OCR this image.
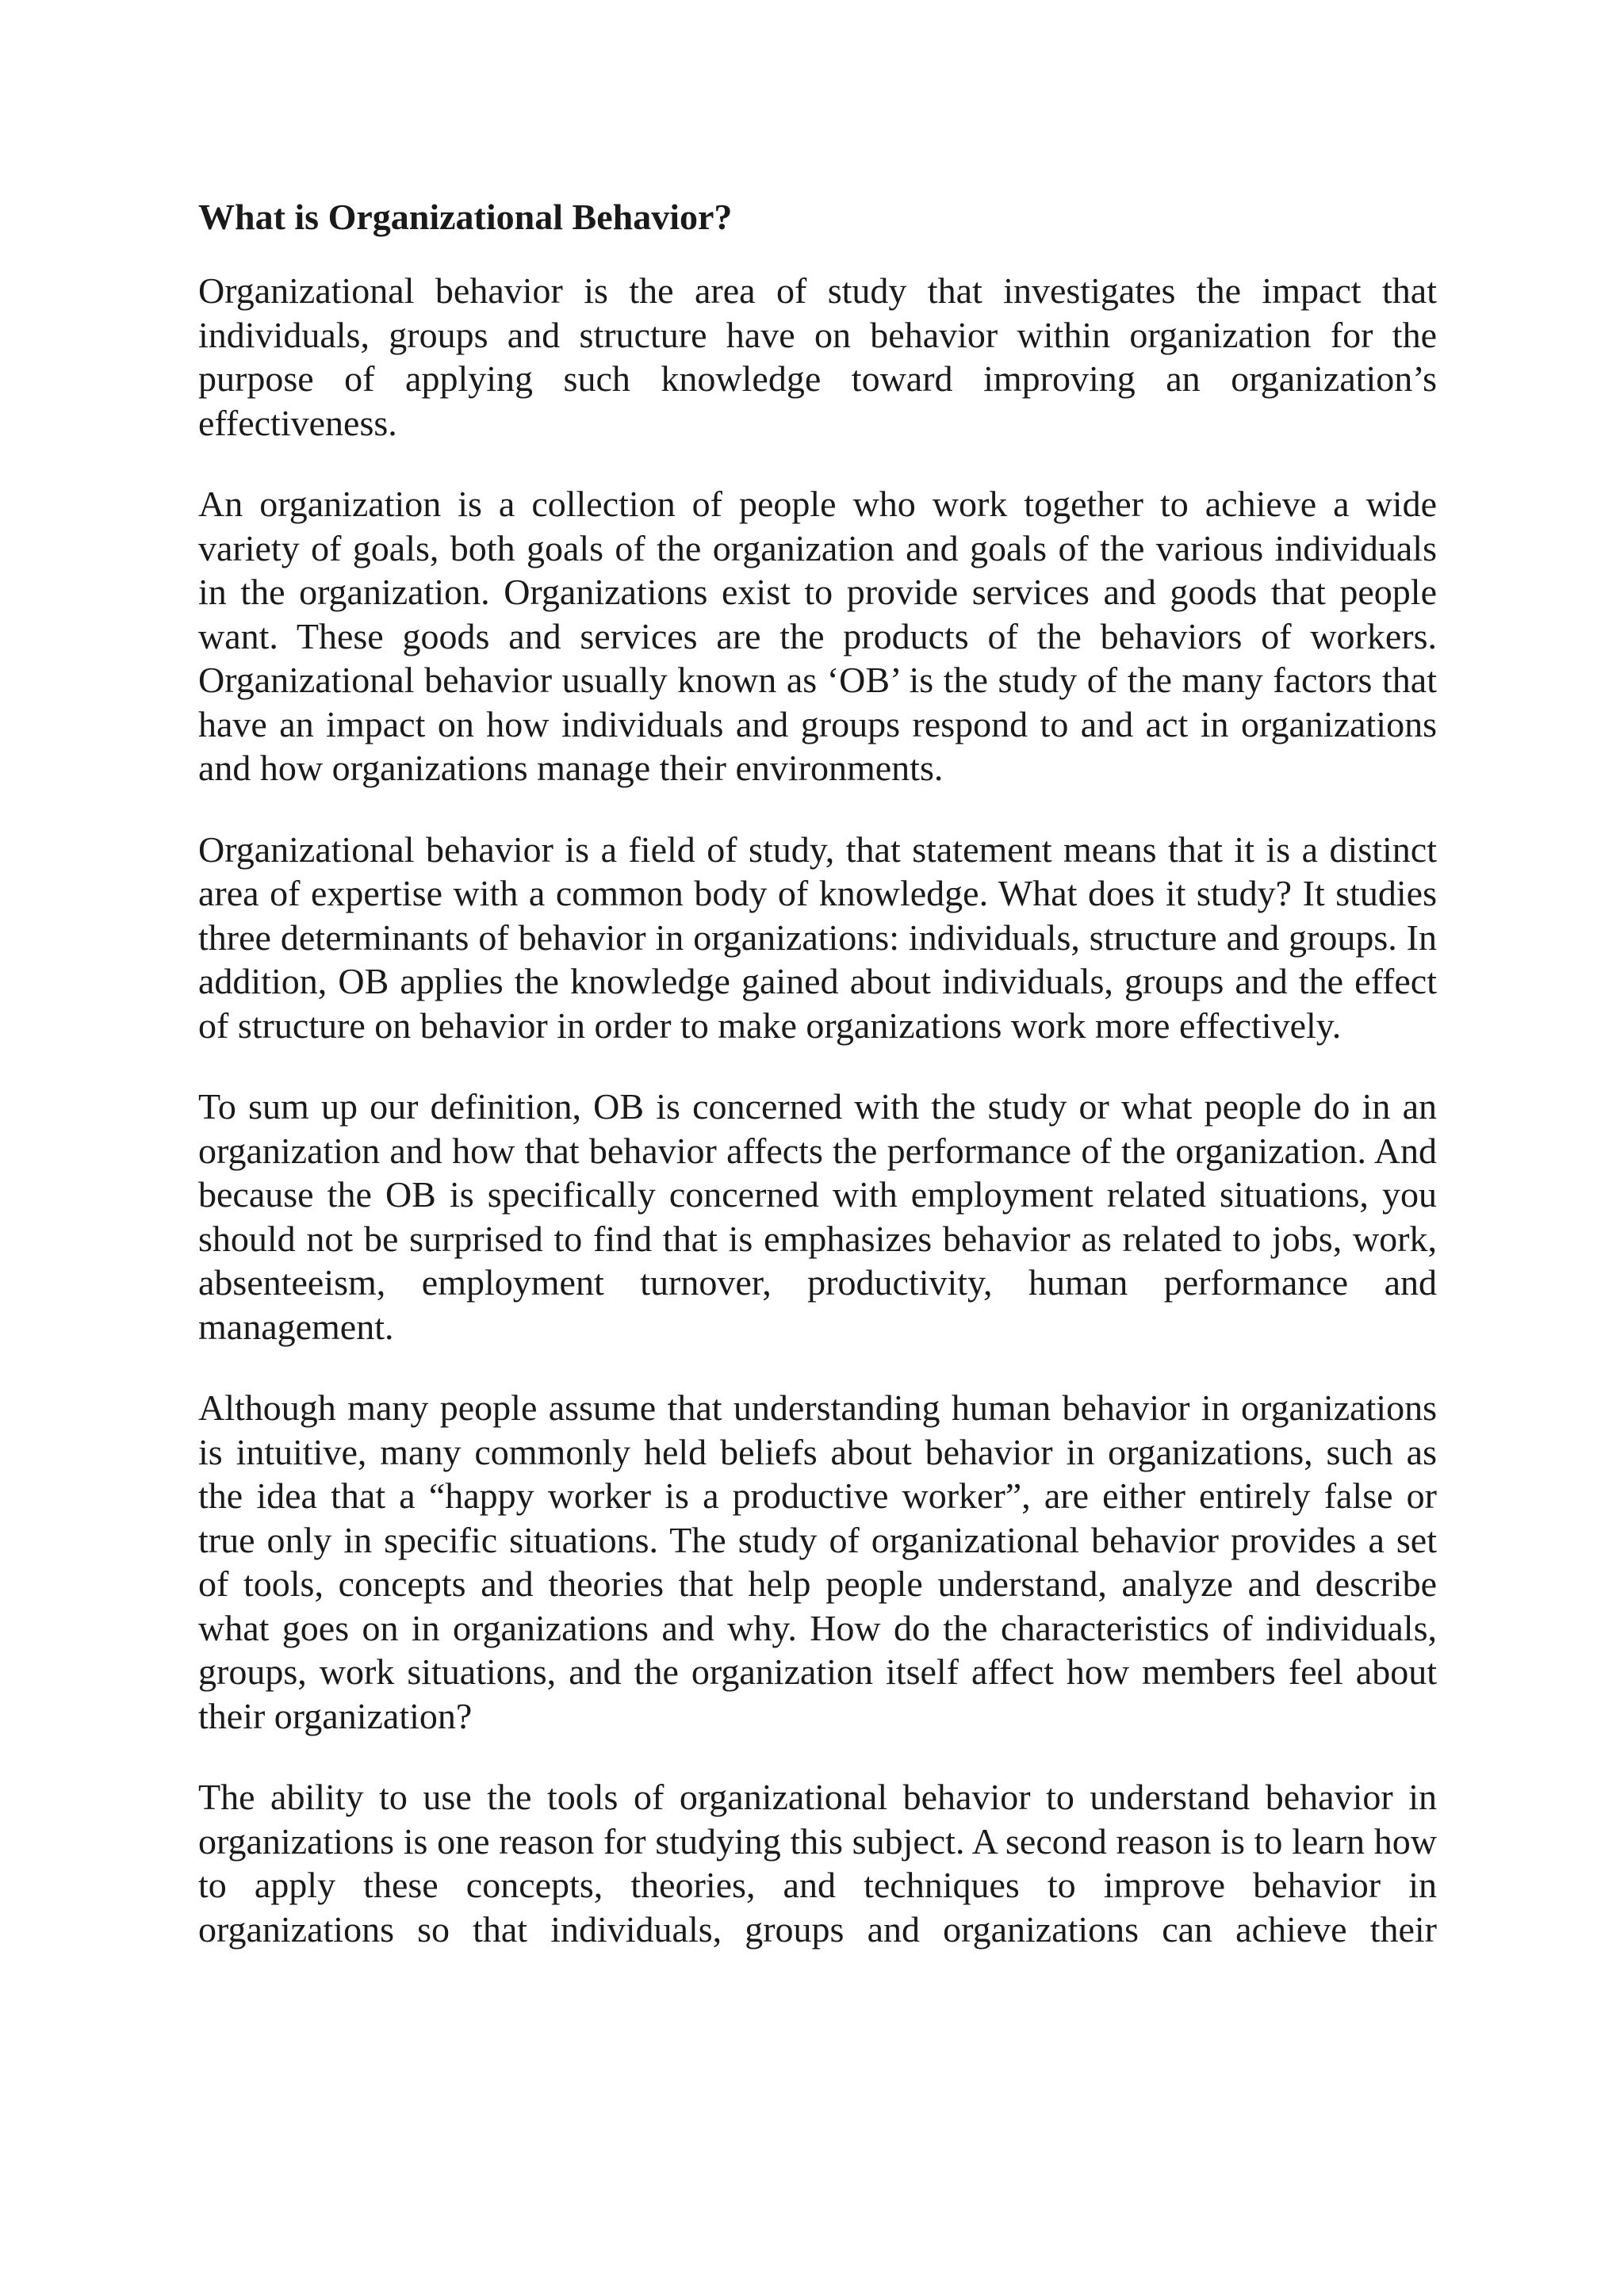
What is Organizational Behavior?

Organizational behavior is the area of study that investigates the impact that individuals, groups and structure have on behavior within organization for the purpose of applying such knowledge toward improving an organization’s effectiveness.

An organization is a collection of people who work together to achieve a wide variety of goals, both goals of the organization and goals of the various individuals in the organization. Organizations exist to provide services and goods that people want. These goods and services are the products of the behaviors of workers. Organizational behavior usually known as ‘OB’ is the study of the many factors that have an impact on how individuals and groups respond to and act in organizations and how organizations manage their environments.

Organizational behavior is a field of study, that statement means that it is a distinct area of expertise with a common body of knowledge. What does it study? It studies three determinants of behavior in organizations: individuals, structure and groups. In addition, OB applies the knowledge gained about individuals, groups and the effect of structure on behavior in order to make organizations work more effectively.

To sum up our definition, OB is concerned with the study or what people do in an organization and how that behavior affects the performance of the organization. And because the OB is specifically concerned with employment related situations, you should not be surprised to find that is emphasizes behavior as related to jobs, work, absenteeism, employment turnover, productivity, human performance and management.

Although many people assume that understanding human behavior in organizations is intuitive, many commonly held beliefs about behavior in organizations, such as the idea that a “happy worker is a productive worker”, are either entirely false or true only in specific situations. The study of organizational behavior provides a set of tools, concepts and theories that help people understand, analyze and describe what goes on in organizations and why. How do the characteristics of individuals, groups, work situations, and the organization itself affect how members feel about their organization?

The ability to use the tools of organizational behavior to understand behavior in organizations is one reason for studying this subject. A second reason is to learn how to apply these concepts, theories, and techniques to improve behavior in organizations so that individuals, groups and organizations can achieve their
